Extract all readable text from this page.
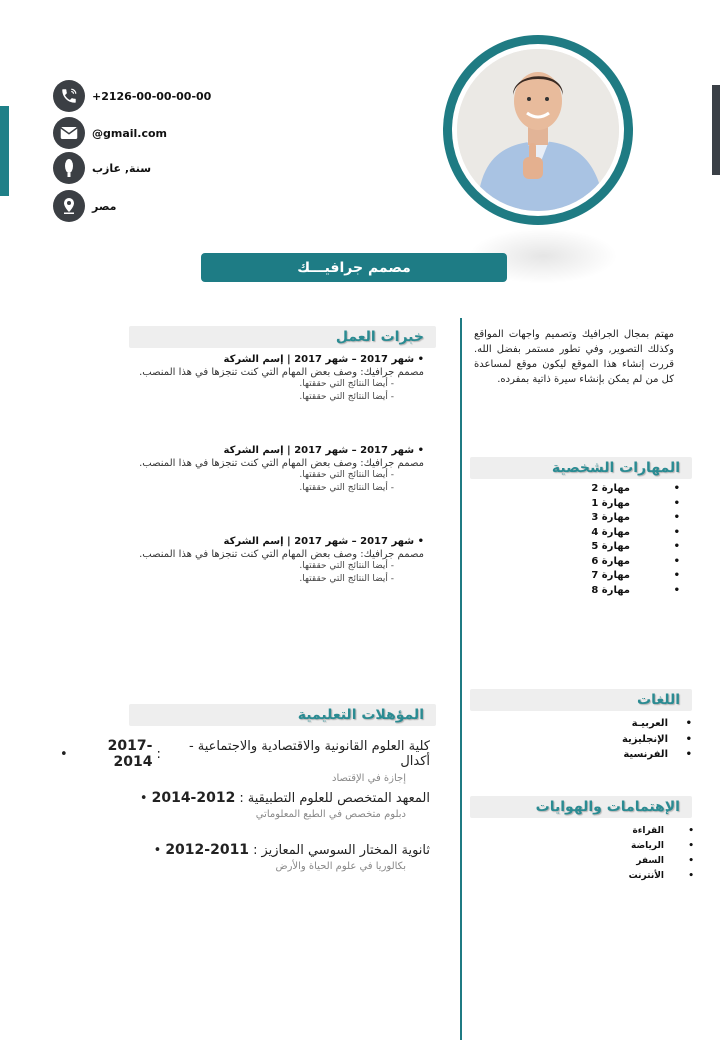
+2126-00-00-00-00
@gmail.com
سنة, عازب
مصر
مصمم جرافيـــك
مهتم بمجال الجرافيك وتصميم واجهات المواقع وكذلك التصوير, وفي تطور مستمر بفضل الله. قررت إنشاء هذا الموقع ليكون موقع لمساعدة كل من لم يمكن بإنشاء سيرة ذاتية بمفرده.
خبرات العمل
• شهر 2017 – شهر 2017 | إسم الشركة
مصمم جرافيك: وصف بعض المهام التي كنت تنجزها في هذا المنصب.
- أيضا النتائج التي حققتها.
- أيضا النتائج التي حققتها.
• شهر 2017 – شهر 2017 | إسم الشركة
مصمم جرافيك: وصف بعض المهام التي كنت تنجزها في هذا المنصب.
- أيضا النتائج التي حققتها.
- أيضا النتائج التي حققتها.
• شهر 2017 – شهر 2017 | إسم الشركة
مصمم جرافيك: وصف بعض المهام التي كنت تنجزها في هذا المنصب.
- أيضا النتائج التي حققتها.
- أيضا النتائج التي حققتها.
المهارات الشخصية
مهارة 2 •
مهارة 1 •
مهارة 3 •
مهارة 4 •
مهارة 5 •
مهارة 6 •
مهارة 7 •
مهارة 8 •
اللغات
العربيـة •
الإنجليزية •
الفرنسية •
الإهتمامات والهوايات
القراءة •
الرياضة •
السفر •
الأنترنت •
المؤهلات التعليمية
•	2017-2014 :	كلية العلوم القانونية والاقتصادية والاجتماعية - أكدال
إجازة في الإقتصاد
• 2014-2012 : المعهد المتخصص للعلوم التطبيقية
دبلوم متخصص في الطبع المعلوماتي
• 2012-2011 : ثانوية المختار السوسي المعازيز
بكالوريا في علوم الحياة والأرض
